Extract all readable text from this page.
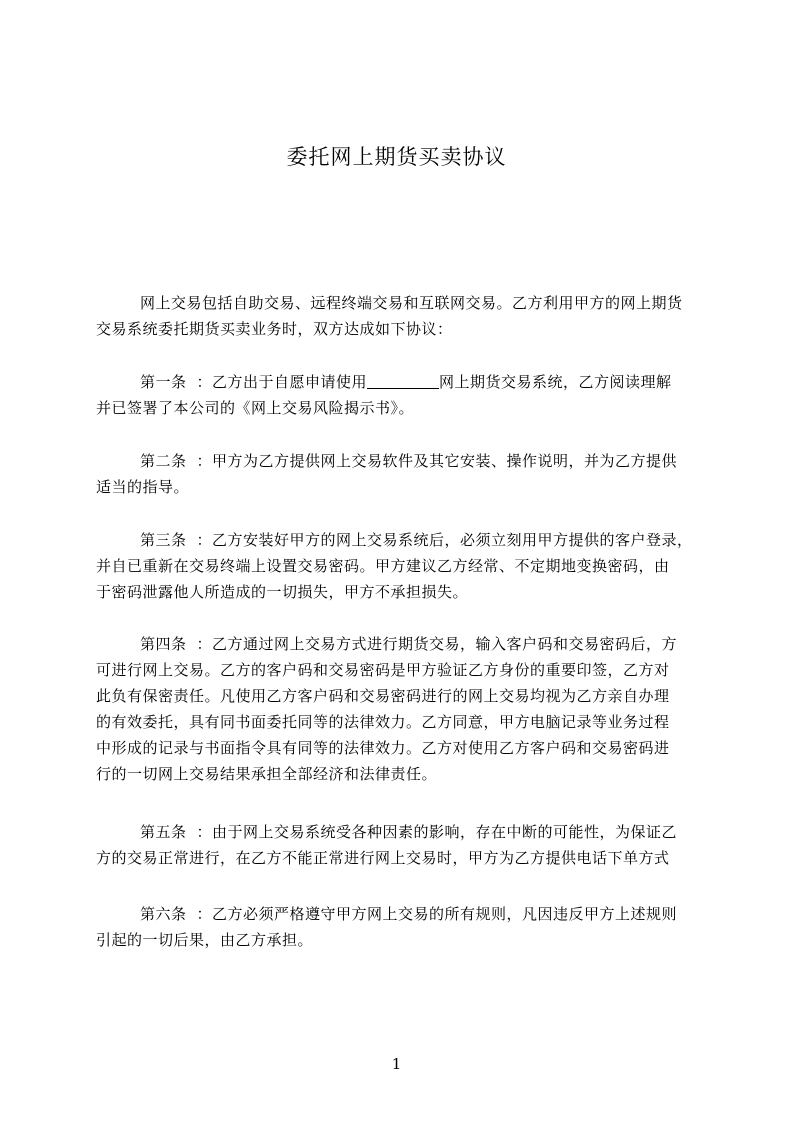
委托网上期货买卖协议
网上交易包括自助交易、远程终端交易和互联网交易。乙方利用甲方的网上期货
交易系统委托期货买卖业务时，双方达成如下协议：
第一条 ：乙方出于自愿申请使用	网上期货交易系统，乙方阅读理解
并已签署了本公司的《网上交易风险揭示书》。
第二条 ：甲方为乙方提供网上交易软件及其它安装、操作说明，并为乙方提供
适当的指导。
第三条 ：乙方安装好甲方的网上交易系统后，必须立刻用甲方提供的客户登录，
并自已重新在交易终端上设置交易密码。甲方建议乙方经常、不定期地变换密码，由
于密码泄露他人所造成的一切损失，甲方不承担损失。
第四条 ：乙方通过网上交易方式进行期货交易，输入客户码和交易密码后，方
可进行网上交易。乙方的客户码和交易密码是甲方验证乙方身份的重要印签，乙方对
此负有保密责任。凡使用乙方客户码和交易密码进行的网上交易均视为乙方亲自办理
的有效委托，具有同书面委托同等的法律效力。乙方同意，甲方电脑记录等业务过程
中形成的记录与书面指令具有同等的法律效力。乙方对使用乙方客户码和交易密码进
行的一切网上交易结果承担全部经济和法律责任。
第五条 ：由于网上交易系统受各种因素的影响，存在中断的可能性，为保证乙
方的交易正常进行，在乙方不能正常进行网上交易时，甲方为乙方提供电话下单方式
第六条 ：乙方必须严格遵守甲方网上交易的所有规则，凡因违反甲方上述规则
引起的一切后果，由乙方承担。
1
